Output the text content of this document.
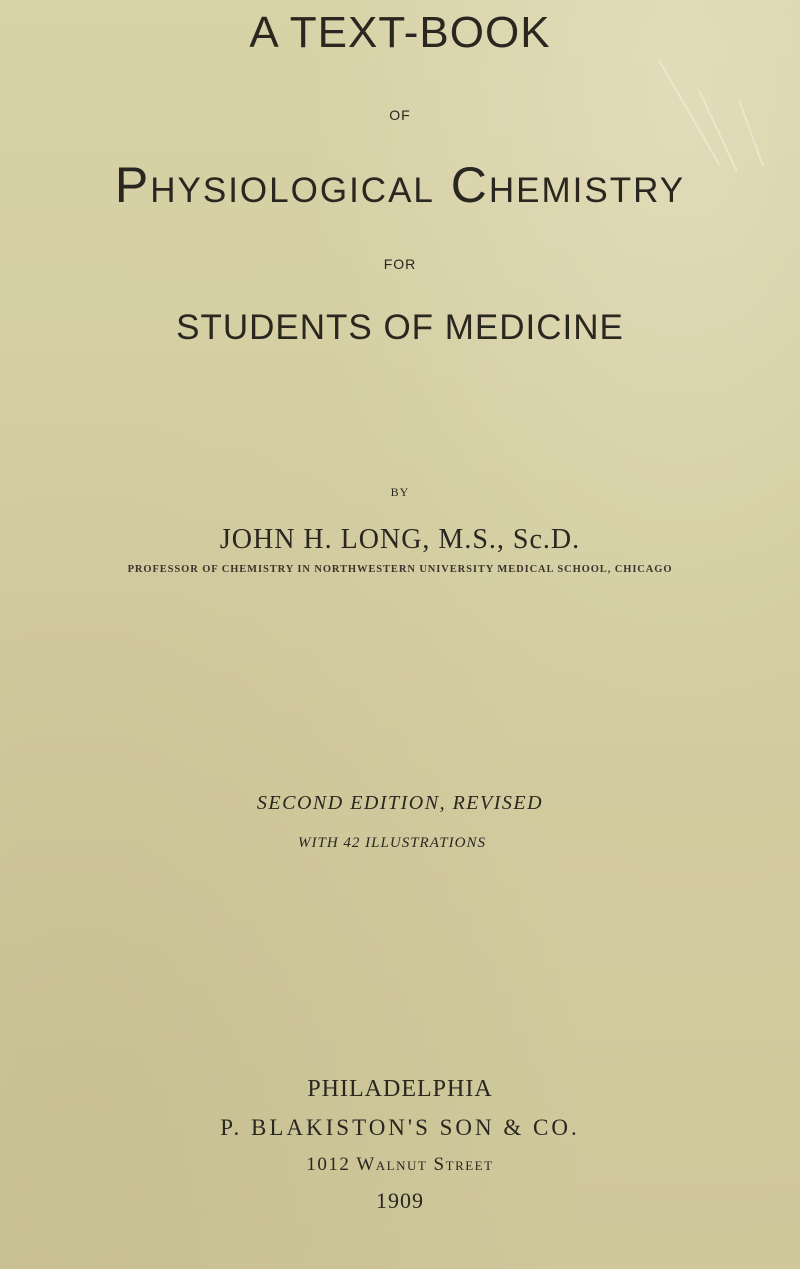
A TEXT-BOOK
OF
Physiological Chemistry
FOR
STUDENTS OF MEDICINE
BY
JOHN H. LONG, M.S., Sc.D.
PROFESSOR OF CHEMISTRY IN NORTHWESTERN UNIVERSITY MEDICAL SCHOOL, CHICAGO
SECOND EDITION, REVISED
WITH 42 ILLUSTRATIONS
PHILADELPHIA
P. BLAKISTON'S SON & CO.
1012 Walnut Street
1909
